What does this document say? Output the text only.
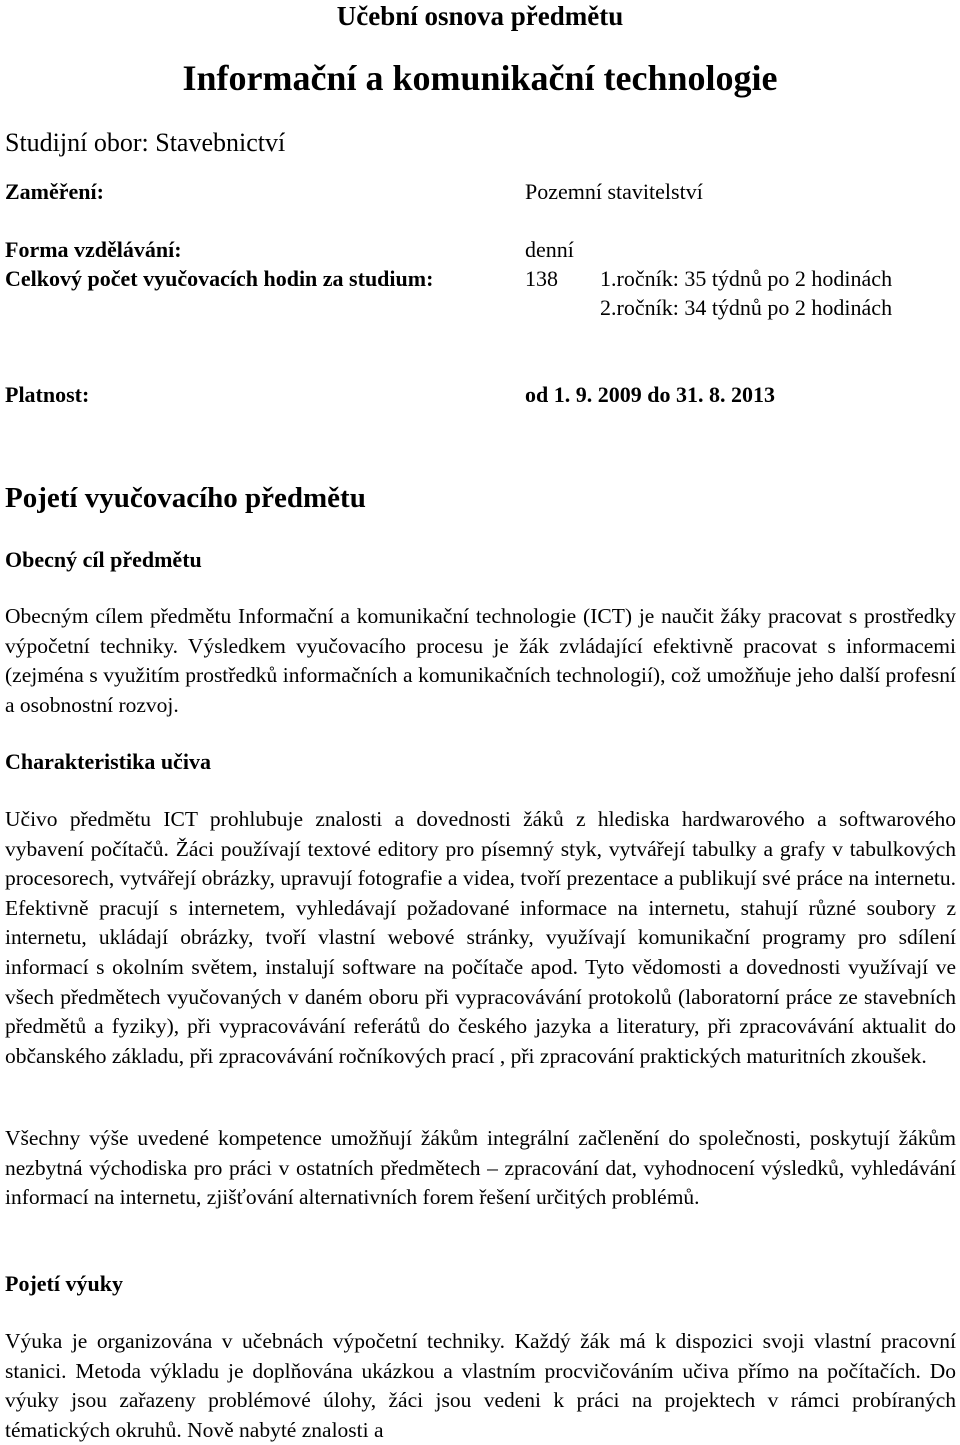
Učební osnova předmětu
Informační a komunikační technologie
Studijní obor: Stavebnictví
Zaměření:	Pozemní stavitelství
Forma vzdělávání:	denní
Celkový počet vyučovacích hodin za studium:	138 1.ročník: 35 týdnů po 2 hodinách
2.ročník: 34 týdnů po 2 hodinách
Platnost:	od 1. 9. 2009 do 31. 8. 2013
Pojetí vyučovacího předmětu
Obecný cíl předmětu

Obecným cílem předmětu Informační a komunikační technologie (ICT) je naučit žáky pracovat s prostředky výpočetní techniky. Výsledkem vyučovacího procesu je žák zvládající efektivně pracovat s informacemi (zejména s využitím prostředků informačních a komunikačních technologií), což umožňuje jeho další profesní a osobnostní rozvoj.

Charakteristika učiva

Učivo předmětu ICT prohlubuje znalosti a dovednosti žáků z hlediska hardwarového a softwarového vybavení počítačů. Žáci používají textové editory pro písemný styk, vytvářejí tabulky a grafy v tabulkových procesorech, vytvářejí obrázky, upravují fotografie a videa, tvoří prezentace a publikují své práce na internetu. Efektivně pracují s internetem, vyhledávají požadované informace na internetu, stahují různé soubory z internetu, ukládají obrázky, tvoří vlastní webové stránky, využívají komunikační programy pro sdílení informací s okolním světem, instalují software na počítače apod. Tyto vědomosti a dovednosti využívají ve všech předmětech vyučovaných v daném oboru při vypracovávání protokolů (laboratorní práce ze stavebních předmětů a fyziky), při vypracovávání referátů do českého jazyka a literatury, při zpracovávání aktualit do občanského základu, při zpracovávání ročníkových prací , při zpracování praktických maturitních zkoušek.

Všechny výše uvedené kompetence umožňují žákům integrální začlenění do společnosti, poskytují žákům nezbytná východiska pro práci v ostatních předmětech – zpracování dat, vyhodnocení výsledků, vyhledávání informací na internetu, zjišťování alternativních forem řešení určitých problémů.

Pojetí výuky

Výuka je organizována v učebnách výpočetní techniky. Každý žák má k dispozici svoji vlastní pracovní stanici. Metoda výkladu je doplňována ukázkou a vlastním procvičováním učiva přímo na počítačích. Do výuky jsou zařazeny problémové úlohy, žáci jsou vedeni k práci na projektech v rámci probíraných tématických okruhů. Nově nabyté znalosti a
